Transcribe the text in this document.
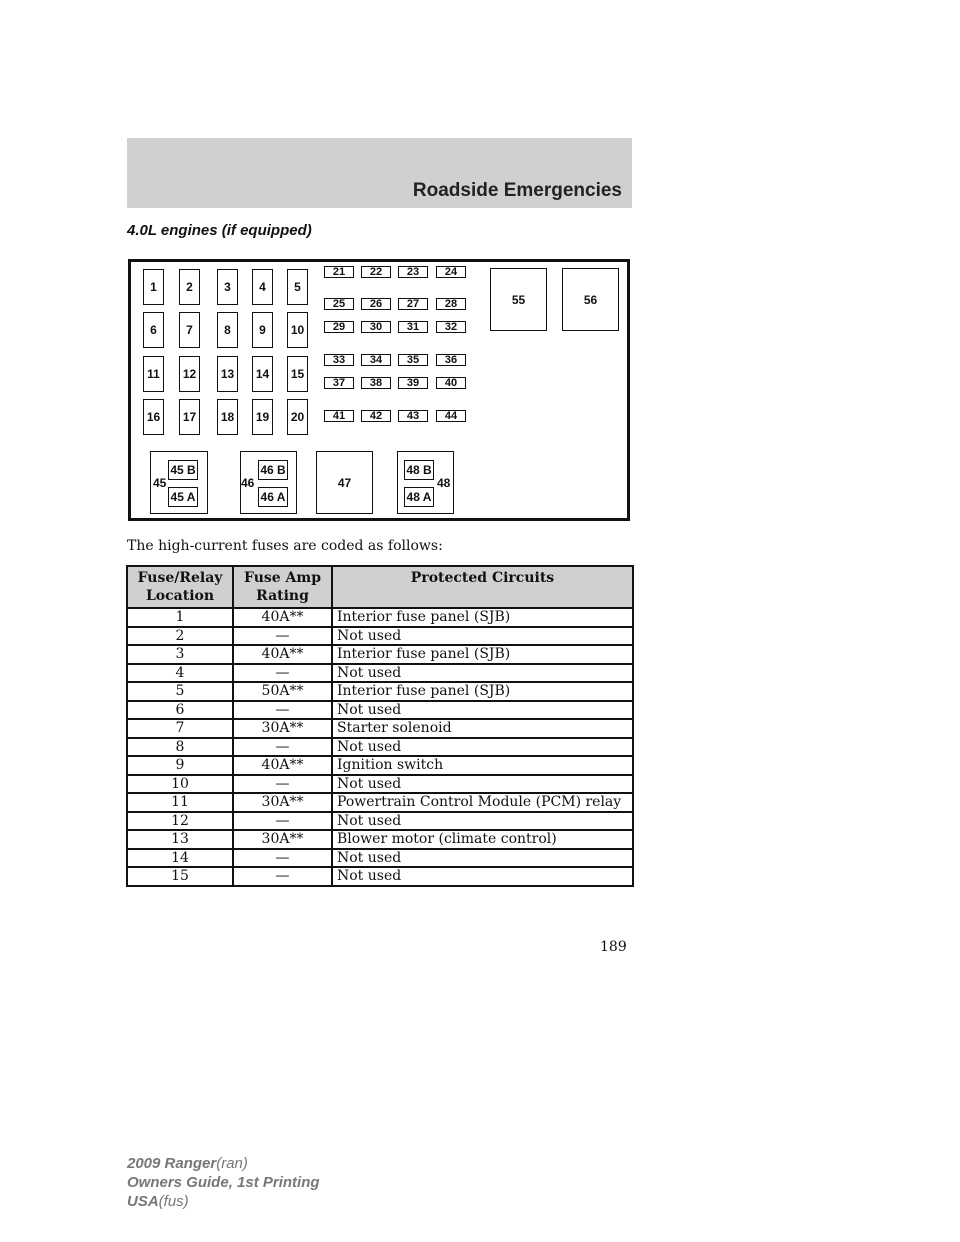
Roadside Emergencies
4.0L engines (if equipped)
55	56
45
45 B
45 A
46
46 B
46 A
47	48
48 B
48 A
1	2	3	4	5
6	7	8	9	10
11	12	13	14	15
16	17	18	19	20
21	22	23	24
25	26	27	28
29	30	31	32
33	34	35	36
37	38	39	40
41	42	43	44
The high-current fuses are coded as follows:
Fuse/Relay Location	Fuse Amp Rating	Protected Circuits
1	40A**	Interior fuse panel (SJB)
2	—	Not used
3	40A**	Interior fuse panel (SJB)
4	—	Not used
5	50A**	Interior fuse panel (SJB)
6	—	Not used
7	30A**	Starter solenoid
8	—	Not used
9	40A**	Ignition switch
10	—	Not used
11	30A**	Powertrain Control Module (PCM) relay
12	—	Not used
13	30A**	Blower motor (climate control)
14	—	Not used
15	—	Not used
189
2009 Ranger(ran)
Owners Guide, 1st Printing
USA(fus)
